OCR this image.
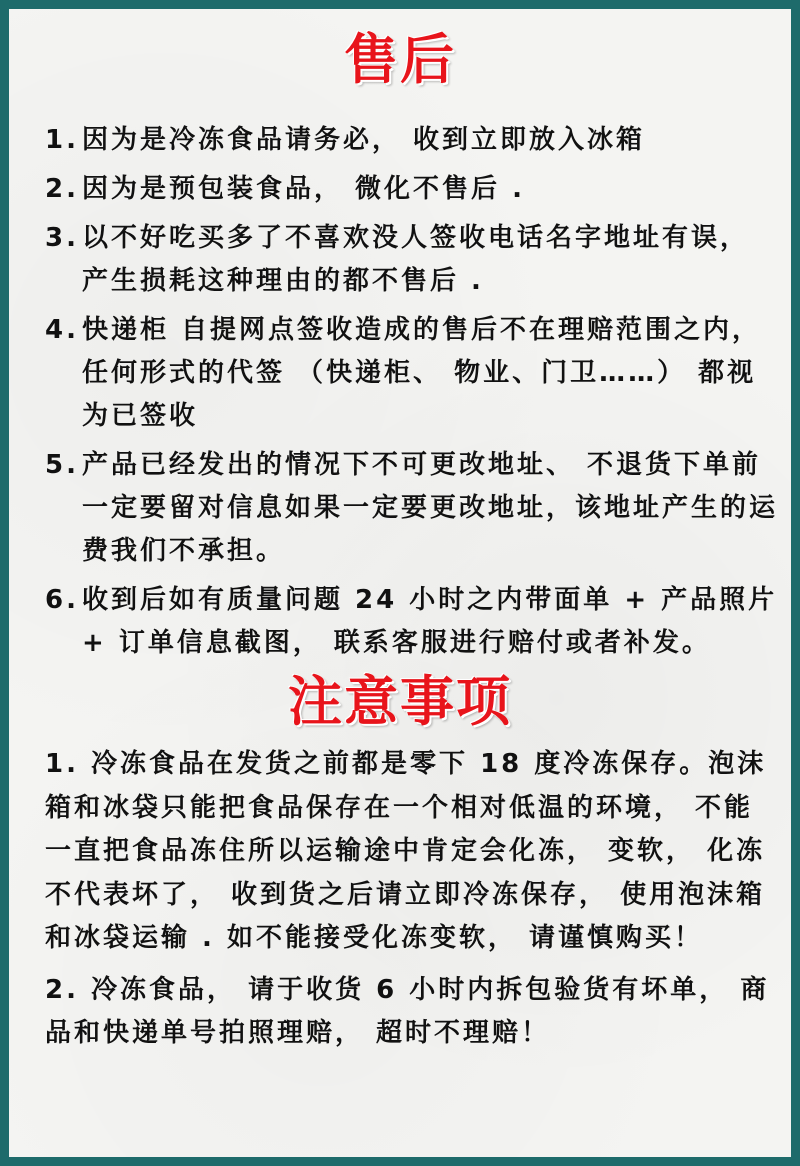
售后
1. 因为是冷冻食品请务必， 收到立即放入冰箱
2. 因为是预包装食品， 微化不售后 .
3. 以不好吃买多了不喜欢没人签收电话名字地址有误， 产生损耗这种理由的都不售后 .
4. 快递柜 自提网点签收造成的售后不在理赔范围之内， 任何形式的代签 （快递柜、 物业、门卫……） 都视为已签收
5. 产品已经发出的情况下不可更改地址、 不退货下单前一定要留对信息如果一定要更改地址，该地址产生的运费我们不承担。
6. 收到后如有质量问题 24 小时之内带面单 + 产品照片 + 订单信息截图， 联系客服进行赔付或者补发。
注意事项
1. 冷冻食品在发货之前都是零下 18 度冷冻保存。泡沫箱和冰袋只能把食品保存在一个相对低温的环境， 不能一直把食品冻住所以运输途中肯定会化冻， 变软， 化冻不代表坏了， 收到货之后请立即冷冻保存， 使用泡沫箱和冰袋运输 . 如不能接受化冻变软， 请谨慎购买！
2. 冷冻食品， 请于收货 6 小时内拆包验货有坏单， 商品和快递单号拍照理赔， 超时不理赔！
